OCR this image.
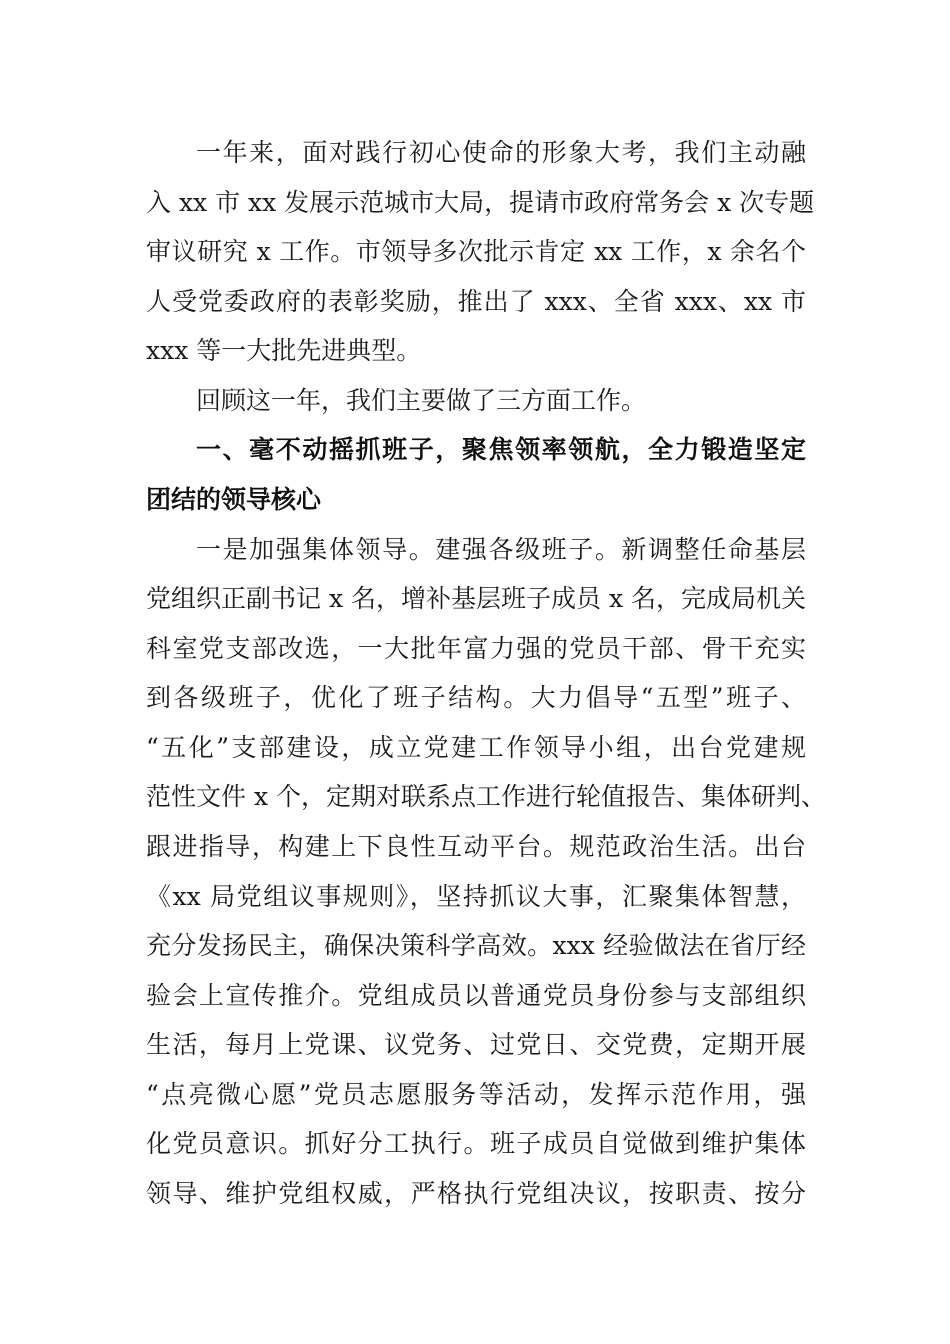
一年来，面对践行初心使命的形象大考，我们主动融
入 xx 市 xx 发展示范城市大局，提请市政府常务会 x 次专题
审议研究 x 工作。市领导多次批示肯定 xx 工作，x 余名个
人受党委政府的表彰奖励，推出了 xxx、全省 xxx、xx 市
xxx 等一大批先进典型。
回顾这一年，我们主要做了三方面工作。
一、毫不动摇抓班子，聚焦领率领航，全力锻造坚定
团结的领导核心
一是加强集体领导。建强各级班子。新调整任命基层
党组织正副书记 x 名，增补基层班子成员 x 名，完成局机关
科室党支部改选，一大批年富力强的党员干部、骨干充实
到各级班子，优化了班子结构。大力倡导“五型”班子、
“五化”支部建设，成立党建工作领导小组，出台党建规
范性文件 x 个，定期对联系点工作进行轮值报告、集体研判、
跟进指导，构建上下良性互动平台。规范政治生活。出台
《xx 局党组议事规则》，坚持抓议大事，汇聚集体智慧，
充分发扬民主，确保决策科学高效。xxx 经验做法在省厅经
验会上宣传推介。党组成员以普通党员身份参与支部组织
生活，每月上党课、议党务、过党日、交党费，定期开展
“点亮微心愿”党员志愿服务等活动，发挥示范作用，强
化党员意识。抓好分工执行。班子成员自觉做到维护集体
领导、维护党组权威，严格执行党组决议，按职责、按分
